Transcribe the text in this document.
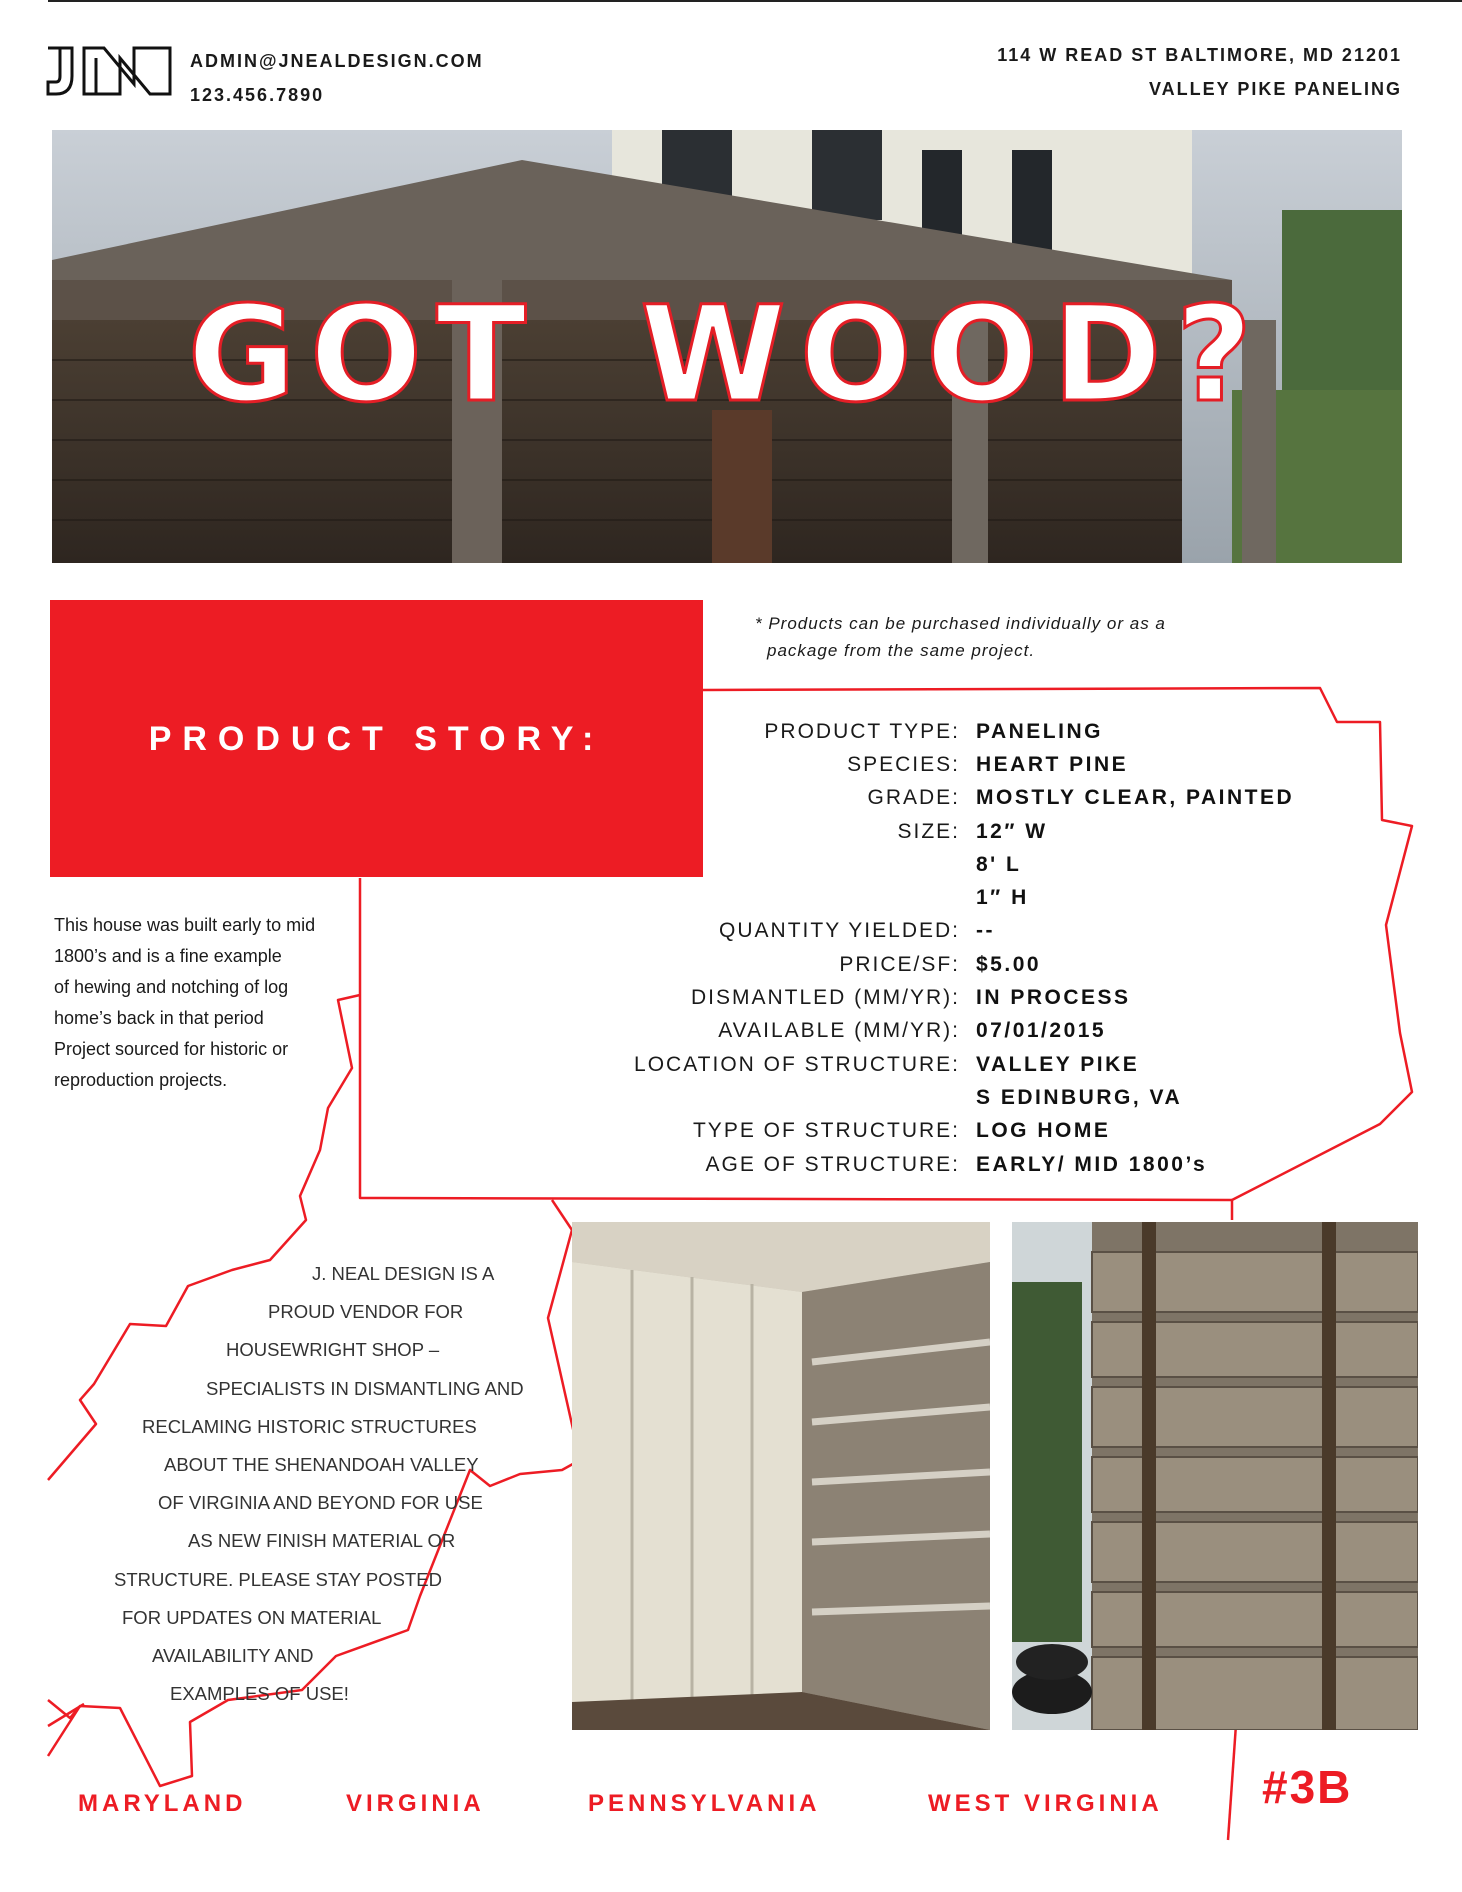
ADMIN@JNEALDESIGN.COM
123.456.7890
114 W READ ST BALTIMORE, MD 21201
VALLEY PIKE PANELING
GOT WOOD?
PRODUCT STORY:
* Products can be purchased individually or as a
package from the same project.
This house was built early to mid
1800’s and is a fine example
of hewing and notching of log
home’s back in that period
Project sourced for historic or
reproduction projects.
PRODUCT TYPE: PANELING
SPECIES: HEART PINE
GRADE: MOSTLY CLEAR, PAINTED
SIZE: 12″ W
8' L
1″ H
QUANTITY YIELDED: --
PRICE/SF: $5.00
DISMANTLED (MM/YR): IN PROCESS
AVAILABLE (MM/YR): 07/01/2015
LOCATION OF STRUCTURE: VALLEY PIKE
S EDINBURG, VA
TYPE OF STRUCTURE: LOG HOME
AGE OF STRUCTURE: EARLY/ MID 1800’s
J. NEAL DESIGN IS A
PROUD VENDOR FOR
HOUSEWRIGHT SHOP –
SPECIALISTS IN DISMANTLING AND
RECLAMING HISTORIC STRUCTURES
ABOUT THE SHENANDOAH VALLEY
OF VIRGINIA AND BEYOND FOR USE
AS NEW FINISH MATERIAL OR
STRUCTURE. PLEASE STAY POSTED
FOR UPDATES ON MATERIAL
AVAILABILITY AND
EXAMPLES OF USE!
MARYLAND	VIRGINIA	PENNSYLVANIA	WEST VIRGINIA #3B
